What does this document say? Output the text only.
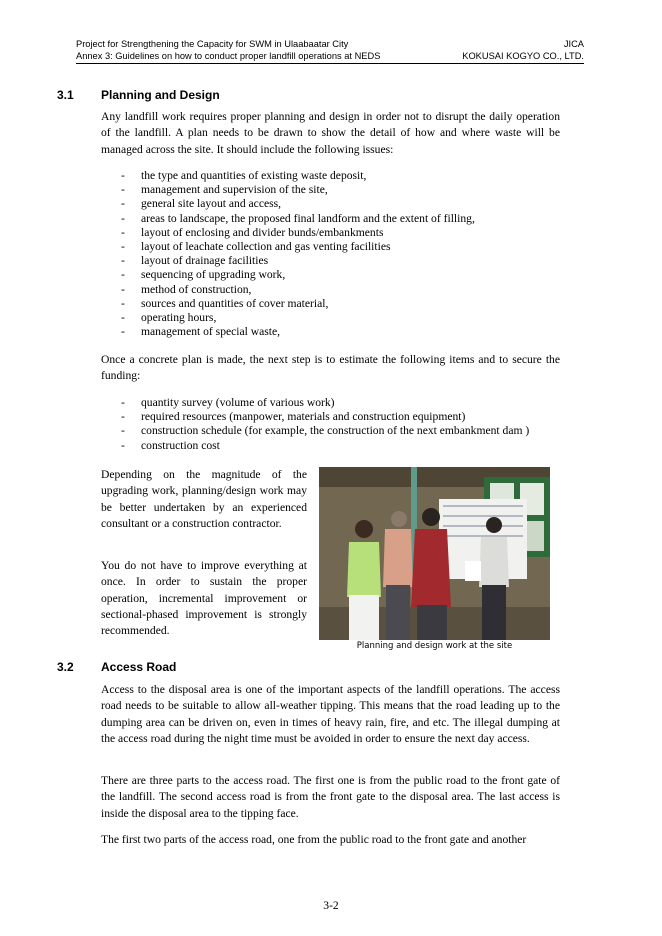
Project for Strengthening the Capacity for SWM in Ulaabaatar City	JICA
Annex 3: Guidelines on how to conduct proper landfill operations at NEDS	KOKUSAI KOGYO CO., LTD.
3.1 Planning and Design

Any landfill work requires proper planning and design in order not to disrupt the daily operation of the landfill. A plan needs to be drawn to show the detail of how and where waste will be managed across the site. It should include the following issues:

- the type and quantities of existing waste deposit,
- management and supervision of the site,
- general site layout and access,
- areas to landscape, the proposed final landform and the extent of filling,
- layout of enclosing and divider bunds/embankments
- layout of leachate collection and gas venting facilities
- layout of drainage facilities
- sequencing of upgrading work,
- method of construction,
- sources and quantities of cover material,
- operating hours,
- management of special waste,

Once a concrete plan is made, the next step is to estimate the following items and to secure the funding:

- quantity survey (volume of various work)
- required resources (manpower, materials and construction equipment)
- construction schedule (for example, the construction of the next embankment dam )
- construction cost

Depending on the magnitude of the upgrading work, planning/design work may be better undertaken by an experienced consultant or a construction contractor.

You do not have to improve everything at once. In order to sustain the proper operation, incremental improvement or sectional-phased improvement is strongly recommended.

Planning and design work at the site
3.2 Access Road

Access to the disposal area is one of the important aspects of the landfill operations. The access road needs to be suitable to allow all-weather tipping. This means that the road leading up to the dumping area can be driven on, even in times of heavy rain, fire, and etc. The illegal dumping at the access road during the night time must be avoided in order to ensure the next day access.

There are three parts to the access road. The first one is from the public road to the front gate of the landfill. The second access road is from the front gate to the disposal area. The last access is inside the disposal area to the tipping face.

The first two parts of the access road, one from the public road to the front gate and another

3-2
